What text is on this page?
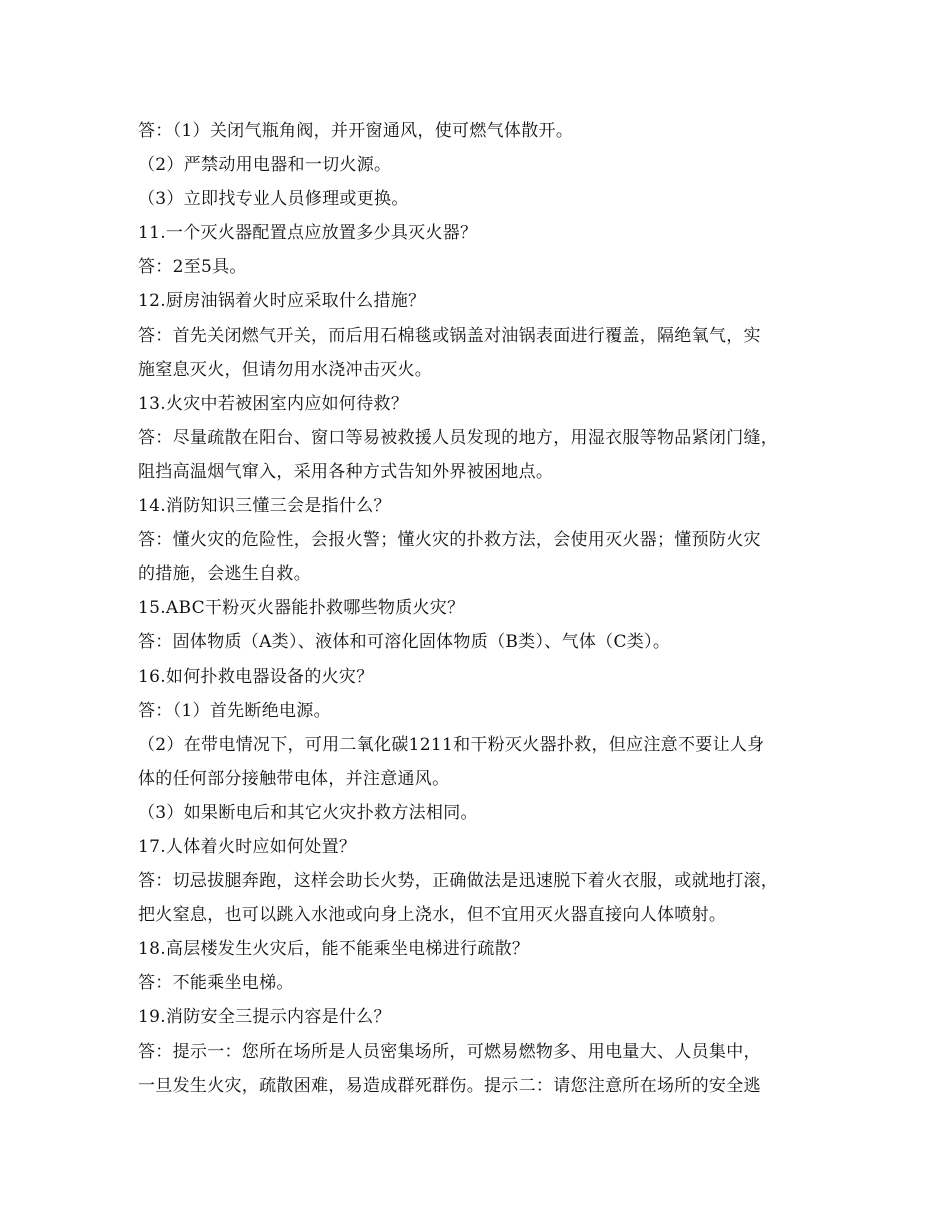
答：（1）关闭气瓶角阀，并开窗通风，使可燃气体散开。
（2）严禁动用电器和一切火源。
（3）立即找专业人员修理或更换。
11.一个灭火器配置点应放置多少具灭火器？
答：2至5具。
12.厨房油锅着火时应采取什么措施？
答：首先关闭燃气开关，而后用石棉毯或锅盖对油锅表面进行覆盖，隔绝氧气，实
施窒息灭火，但请勿用水浇冲击灭火。
13.火灾中若被困室内应如何待救？
答：尽量疏散在阳台、窗口等易被救援人员发现的地方，用湿衣服等物品紧闭门缝，
阻挡高温烟气窜入，采用各种方式告知外界被困地点。
14.消防知识三懂三会是指什么？
答：懂火灾的危险性，会报火警；懂火灾的扑救方法，会使用灭火器；懂预防火灾
的措施，会逃生自救。
15.ABC干粉灭火器能扑救哪些物质火灾？
答：固体物质（A类）、液体和可溶化固体物质（B类）、气体（C类）。
16.如何扑救电器设备的火灾？
答：（1）首先断绝电源。
（2）在带电情况下，可用二氧化碳1211和干粉灭火器扑救，但应注意不要让人身
体的任何部分接触带电体，并注意通风。
（3）如果断电后和其它火灾扑救方法相同。
17.人体着火时应如何处置？
答：切忌拔腿奔跑，这样会助长火势，正确做法是迅速脱下着火衣服，或就地打滚，
把火窒息，也可以跳入水池或向身上浇水，但不宜用灭火器直接向人体喷射。
18.高层楼发生火灾后，能不能乘坐电梯进行疏散？
答：不能乘坐电梯。
19.消防安全三提示内容是什么？
答：提示一：您所在场所是人员密集场所，可燃易燃物多、用电量大、人员集中，
一旦发生火灾，疏散困难，易造成群死群伤。提示二：请您注意所在场所的安全逃
